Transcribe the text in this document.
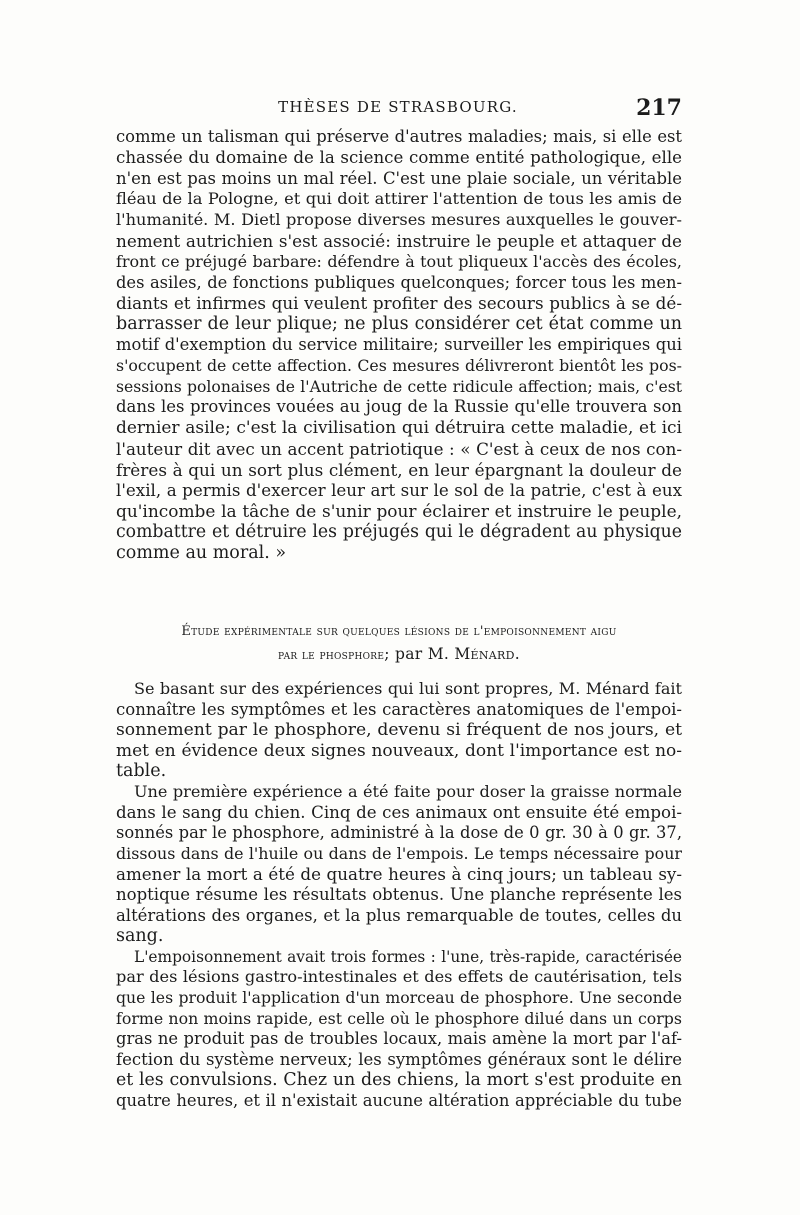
THÈSES DE STRASBOURG.	217
comme un talisman qui préserve d'autres maladies; mais, si elle est
chassée du domaine de la science comme entité pathologique, elle
n'en est pas moins un mal réel. C'est une plaie sociale, un véritable
fléau de la Pologne, et qui doit attirer l'attention de tous les amis de
l'humanité. M. Dietl propose diverses mesures auxquelles le gouver-
nement autrichien s'est associé: instruire le peuple et attaquer de
front ce préjugé barbare: défendre à tout pliqueux l'accès des écoles,
des asiles, de fonctions publiques quelconques; forcer tous les men-
diants et infirmes qui veulent profiter des secours publics à se dé-
barrasser de leur plique; ne plus considérer cet état comme un
motif d'exemption du service militaire; surveiller les empiriques qui
s'occupent de cette affection. Ces mesures délivreront bientôt les pos-
sessions polonaises de l'Autriche de cette ridicule affection; mais, c'est
dans les provinces vouées au joug de la Russie qu'elle trouvera son
dernier asile; c'est la civilisation qui détruira cette maladie, et ici
l'auteur dit avec un accent patriotique : « C'est à ceux de nos con-
frères à qui un sort plus clément, en leur épargnant la douleur de
l'exil, a permis d'exercer leur art sur le sol de la patrie, c'est à eux
qu'incombe la tâche de s'unir pour éclairer et instruire le peuple,
combattre et détruire les préjugés qui le dégradent au physique
comme au moral. »
Étude expérimentale sur quelques lésions de l'empoisonnement aigu
par le phosphore; par M. Ménard.
Se basant sur des expériences qui lui sont propres, M. Ménard fait
connaître les symptômes et les caractères anatomiques de l'empoi-
sonnement par le phosphore, devenu si fréquent de nos jours, et
met en évidence deux signes nouveaux, dont l'importance est no-
table.
Une première expérience a été faite pour doser la graisse normale
dans le sang du chien. Cinq de ces animaux ont ensuite été empoi-
sonnés par le phosphore, administré à la dose de 0 gr. 30 à 0 gr. 37,
dissous dans de l'huile ou dans de l'empois. Le temps nécessaire pour
amener la mort a été de quatre heures à cinq jours; un tableau sy-
noptique résume les résultats obtenus. Une planche représente les
altérations des organes, et la plus remarquable de toutes, celles du
sang.
L'empoisonnement avait trois formes : l'une, très-rapide, caractérisée
par des lésions gastro-intestinales et des effets de cautérisation, tels
que les produit l'application d'un morceau de phosphore. Une seconde
forme non moins rapide, est celle où le phosphore dilué dans un corps
gras ne produit pas de troubles locaux, mais amène la mort par l'af-
fection du système nerveux; les symptômes généraux sont le délire
et les convulsions. Chez un des chiens, la mort s'est produite en
quatre heures, et il n'existait aucune altération appréciable du tube
